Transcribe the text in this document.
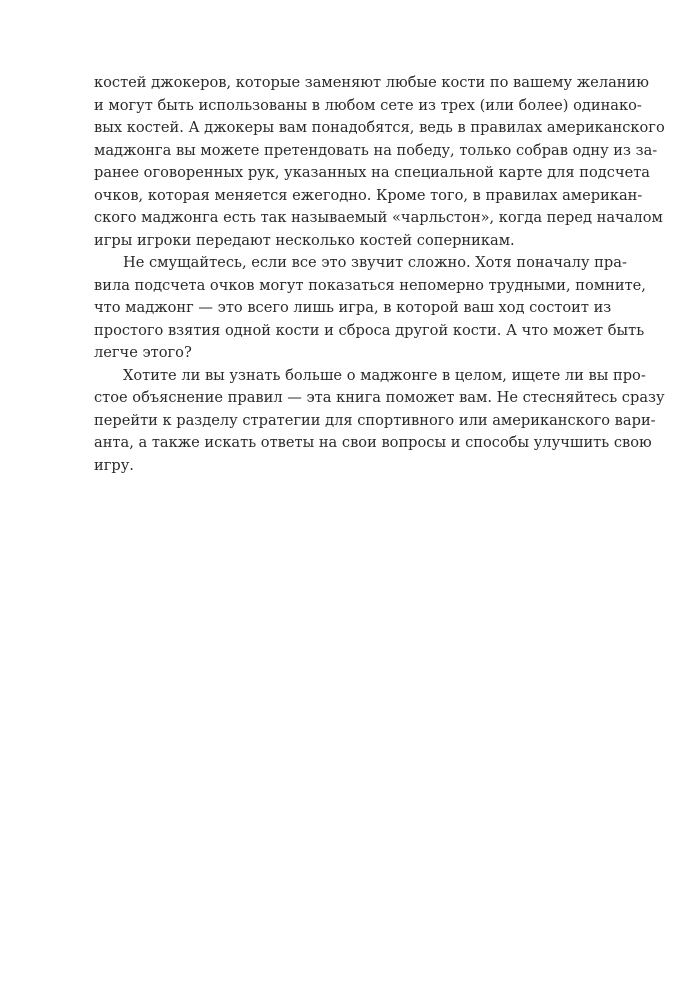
костей джокеров, которые заменяют любые кости по вашему желанию
и могут быть использованы в любом сете из трех (или более) одинако-
вых костей. А джокеры вам понадобятся, ведь в правилах американского
маджонга вы можете претендовать на победу, только собрав одну из за-
ранее оговоренных рук, указанных на специальной карте для подсчета
очков, которая меняется ежегодно. Кроме того, в правилах американ-
ского маджонга есть так называемый «чарльстон», когда перед началом
игры игроки передают несколько костей соперникам.

Не смущайтесь, если все это звучит сложно. Хотя поначалу пра-
вила подсчета очков могут показаться непомерно трудными, помните,
что маджонг — это всего лишь игра, в которой ваш ход состоит из
простого взятия одной кости и сброса другой кости. А что может быть
легче этого?

Хотите ли вы узнать больше о маджонге в целом, ищете ли вы про-
стое объяснение правил — эта книга поможет вам. Не стесняйтесь сразу
перейти к разделу стратегии для спортивного или американского вари-
анта, а также искать ответы на свои вопросы и способы улучшить свою
игру.
